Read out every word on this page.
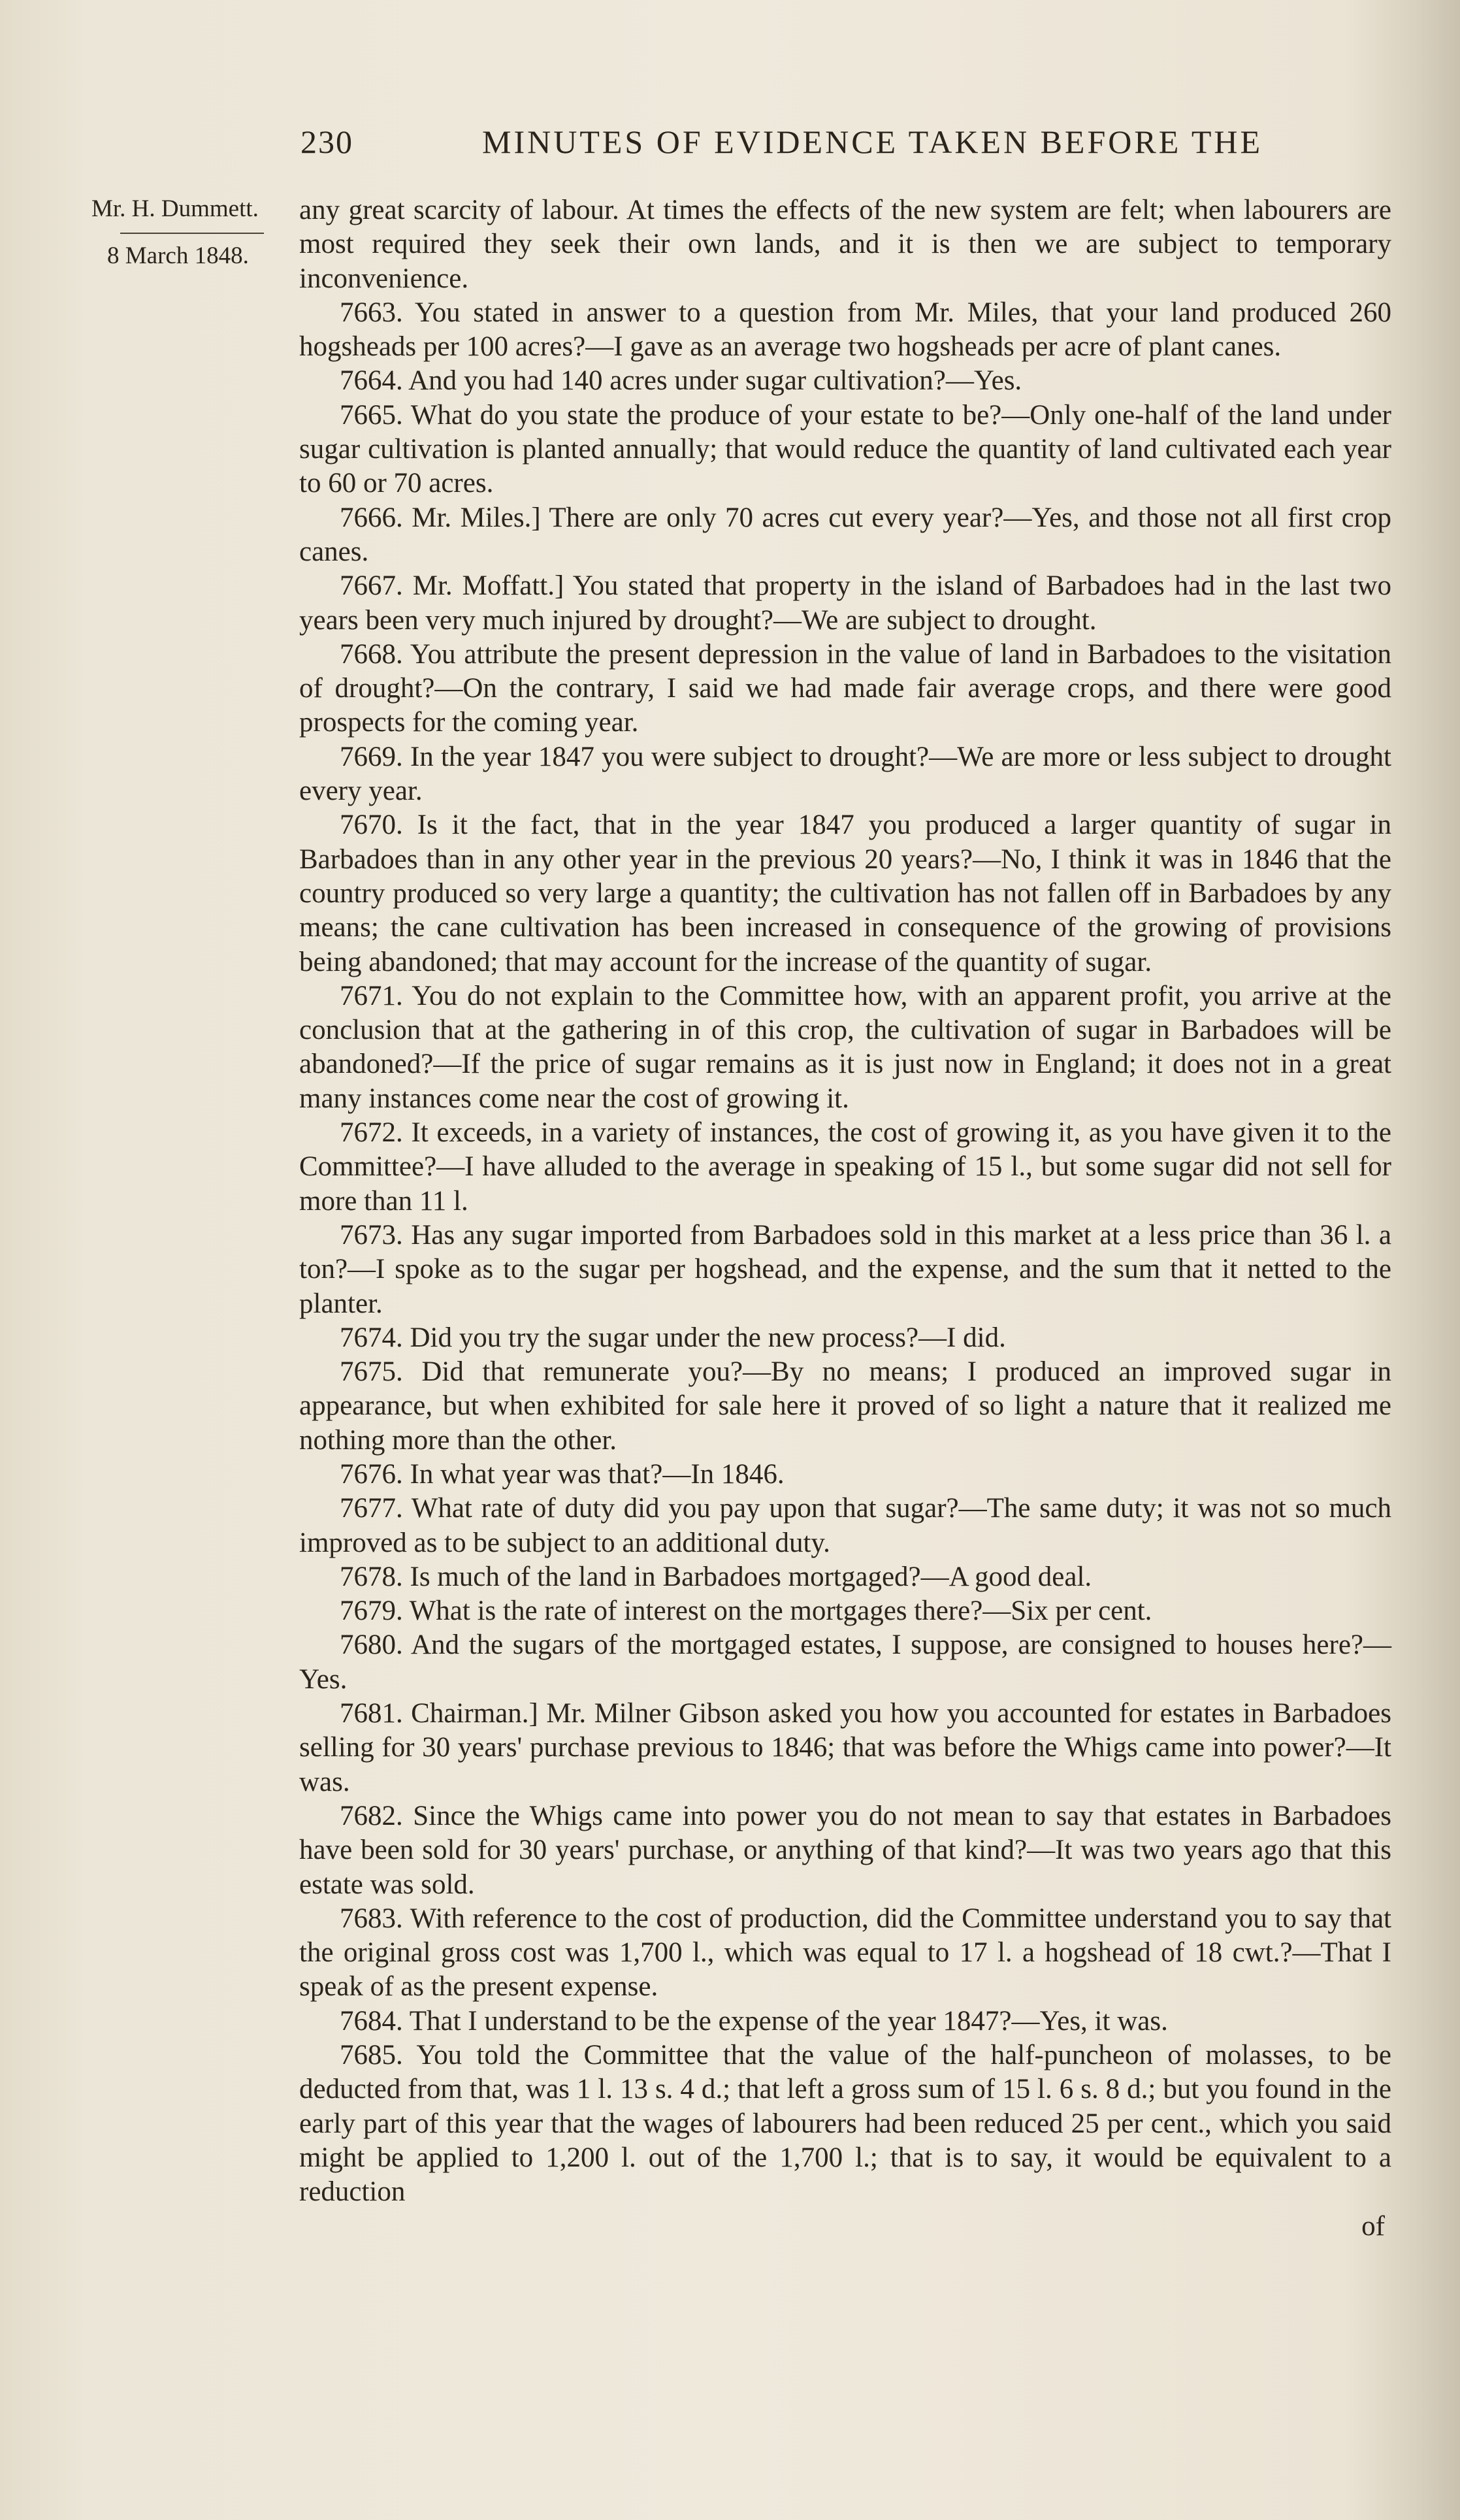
230	MINUTES OF EVIDENCE TAKEN BEFORE THE
Mr. H. Dummett.
8 March 1848.

any great scarcity of labour. At times the effects of the new system are felt; when labourers are most required they seek their own lands, and it is then we are subject to temporary inconvenience.

7663. You stated in answer to a question from Mr. Miles, that your land produced 260 hogsheads per 100 acres?—I gave as an average two hogsheads per acre of plant canes.

7664. And you had 140 acres under sugar cultivation?—Yes.

7665. What do you state the produce of your estate to be?—Only one-half of the land under sugar cultivation is planted annually; that would reduce the quantity of land cultivated each year to 60 or 70 acres.

7666. Mr. Miles.] There are only 70 acres cut every year?—Yes, and those not all first crop canes.

7667. Mr. Moffatt.] You stated that property in the island of Barbadoes had in the last two years been very much injured by drought?—We are subject to drought.

7668. You attribute the present depression in the value of land in Barbadoes to the visitation of drought?—On the contrary, I said we had made fair average crops, and there were good prospects for the coming year.

7669. In the year 1847 you were subject to drought?—We are more or less subject to drought every year.

7670. Is it the fact, that in the year 1847 you produced a larger quantity of sugar in Barbadoes than in any other year in the previous 20 years?—No, I think it was in 1846 that the country produced so very large a quantity; the cultivation has not fallen off in Barbadoes by any means; the cane cultivation has been increased in consequence of the growing of provisions being abandoned; that may account for the increase of the quantity of sugar.

7671. You do not explain to the Committee how, with an apparent profit, you arrive at the conclusion that at the gathering in of this crop, the cultivation of sugar in Barbadoes will be abandoned?—If the price of sugar remains as it is just now in England; it does not in a great many instances come near the cost of growing it.

7672. It exceeds, in a variety of instances, the cost of growing it, as you have given it to the Committee?—I have alluded to the average in speaking of 15 l., but some sugar did not sell for more than 11 l.

7673. Has any sugar imported from Barbadoes sold in this market at a less price than 36 l. a ton?—I spoke as to the sugar per hogshead, and the expense, and the sum that it netted to the planter.

7674. Did you try the sugar under the new process?—I did.

7675. Did that remunerate you?—By no means; I produced an improved sugar in appearance, but when exhibited for sale here it proved of so light a nature that it realized me nothing more than the other.

7676. In what year was that?—In 1846.

7677. What rate of duty did you pay upon that sugar?—The same duty; it was not so much improved as to be subject to an additional duty.

7678. Is much of the land in Barbadoes mortgaged?—A good deal.

7679. What is the rate of interest on the mortgages there?—Six per cent.

7680. And the sugars of the mortgaged estates, I suppose, are consigned to houses here?—Yes.

7681. Chairman.] Mr. Milner Gibson asked you how you accounted for estates in Barbadoes selling for 30 years' purchase previous to 1846; that was before the Whigs came into power?—It was.

7682. Since the Whigs came into power you do not mean to say that estates in Barbadoes have been sold for 30 years' purchase, or anything of that kind?—It was two years ago that this estate was sold.

7683. With reference to the cost of production, did the Committee understand you to say that the original gross cost was 1,700 l., which was equal to 17 l. a hogshead of 18 cwt.?—That I speak of as the present expense.

7684. That I understand to be the expense of the year 1847?—Yes, it was.

7685. You told the Committee that the value of the half-puncheon of molasses, to be deducted from that, was 1 l. 13 s. 4 d.; that left a gross sum of 15 l. 6 s. 8 d.; but you found in the early part of this year that the wages of labourers had been reduced 25 per cent., which you said might be applied to 1,200 l. out of the 1,700 l.; that is to say, it would be equivalent to a reduction

of
